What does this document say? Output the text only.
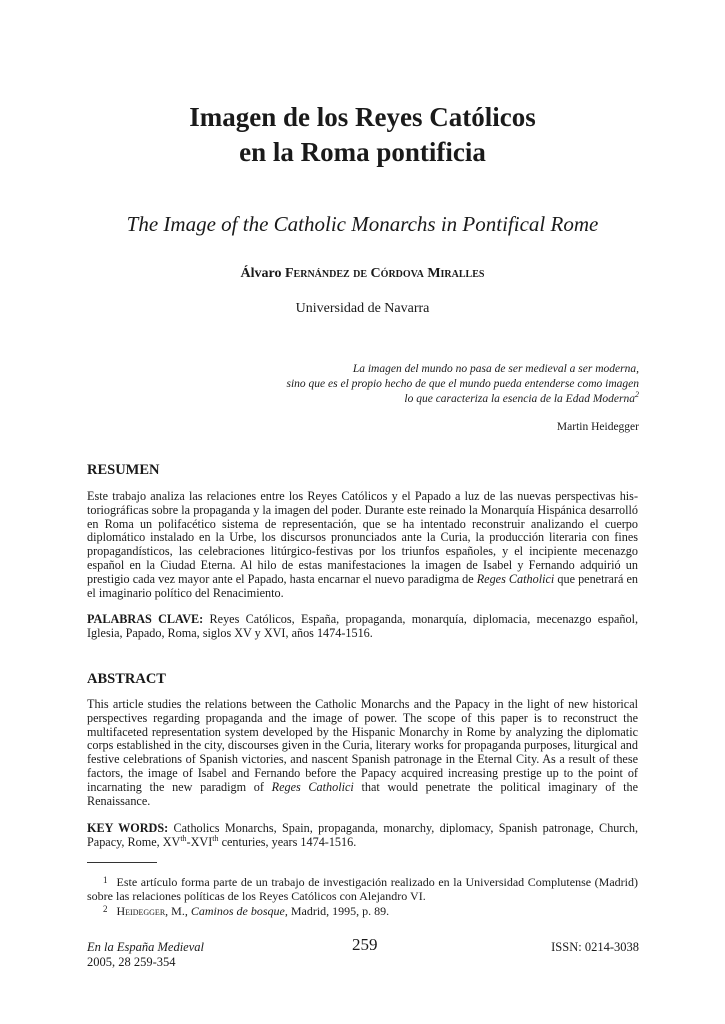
Imagen de los Reyes Católicos
en la Roma pontificia
The Image of the Catholic Monarchs in Pontifical Rome
Álvaro Fernández de Córdova Miralles
Universidad de Navarra
La imagen del mundo no pasa de ser medieval a ser moderna,
sino que es el propio hecho de que el mundo pueda entenderse como imagen
lo que caracteriza la esencia de la Edad Moderna$^2$
Martin Heidegger
RESUMEN
Este trabajo analiza las relaciones entre los Reyes Católicos y el Papado a luz de las nuevas perspectivas historiográficas sobre la propaganda y la imagen del poder. Durante este reinado la Monarquía Hispánica desarrolló en Roma un polifacético sistema de representación, que se ha intentado reconstruir analizando el cuerpo diplomático instalado en la Urbe, los discursos pronunciados ante la Curia, la producción literaria con fines propagandísticos, las celebraciones litúrgico-festivas por los triunfos españoles, y el incipiente mecenazgo español en la Ciudad Eterna. Al hilo de estas manifestaciones la imagen de Isabel y Fernando adquirió un prestigio cada vez mayor ante el Papado, hasta encarnar el nuevo paradigma de Reges Catholici que penetrará en el imaginario político del Renacimiento.
PALABRAS CLAVE: Reyes Católicos, España, propaganda, monarquía, diplomacia, mecenazgo español, Iglesia, Papado, Roma, siglos XV y XVI, años 1474-1516.
ABSTRACT
This article studies the relations between the Catholic Monarchs and the Papacy in the light of new historical perspectives regarding propaganda and the image of power. The scope of this paper is to reconstruct the multifaceted representation system developed by the Hispanic Monarchy in Rome by analyzing the diplomatic corps established in the city, discourses given in the Curia, literary works for propaganda purposes, liturgical and festive celebrations of Spanish victories, and nascent Spanish patronage in the Eternal City. As a result of these factors, the image of Isabel and Fernando before the Papacy acquired increasing prestige up to the point of incarnating the new paradigm of Reges Catholici that would penetrate the political imaginary of the Renaissance.
KEY WORDS: Catholics Monarchs, Spain, propaganda, monarchy, diplomacy, Spanish patronage, Church, Papacy, Rome, XVth-XVIth centuries, years 1474-1516.
$^1$ Este artículo forma parte de un trabajo de investigación realizado en la Universidad Complutense (Madrid) sobre las relaciones políticas de los Reyes Católicos con Alejandro VI.
$^2$ Heidegger, M., Caminos de bosque, Madrid, 1995, p. 89.
En la España Medieval
2005, 28 259-354
259	ISSN: 0214-3038
